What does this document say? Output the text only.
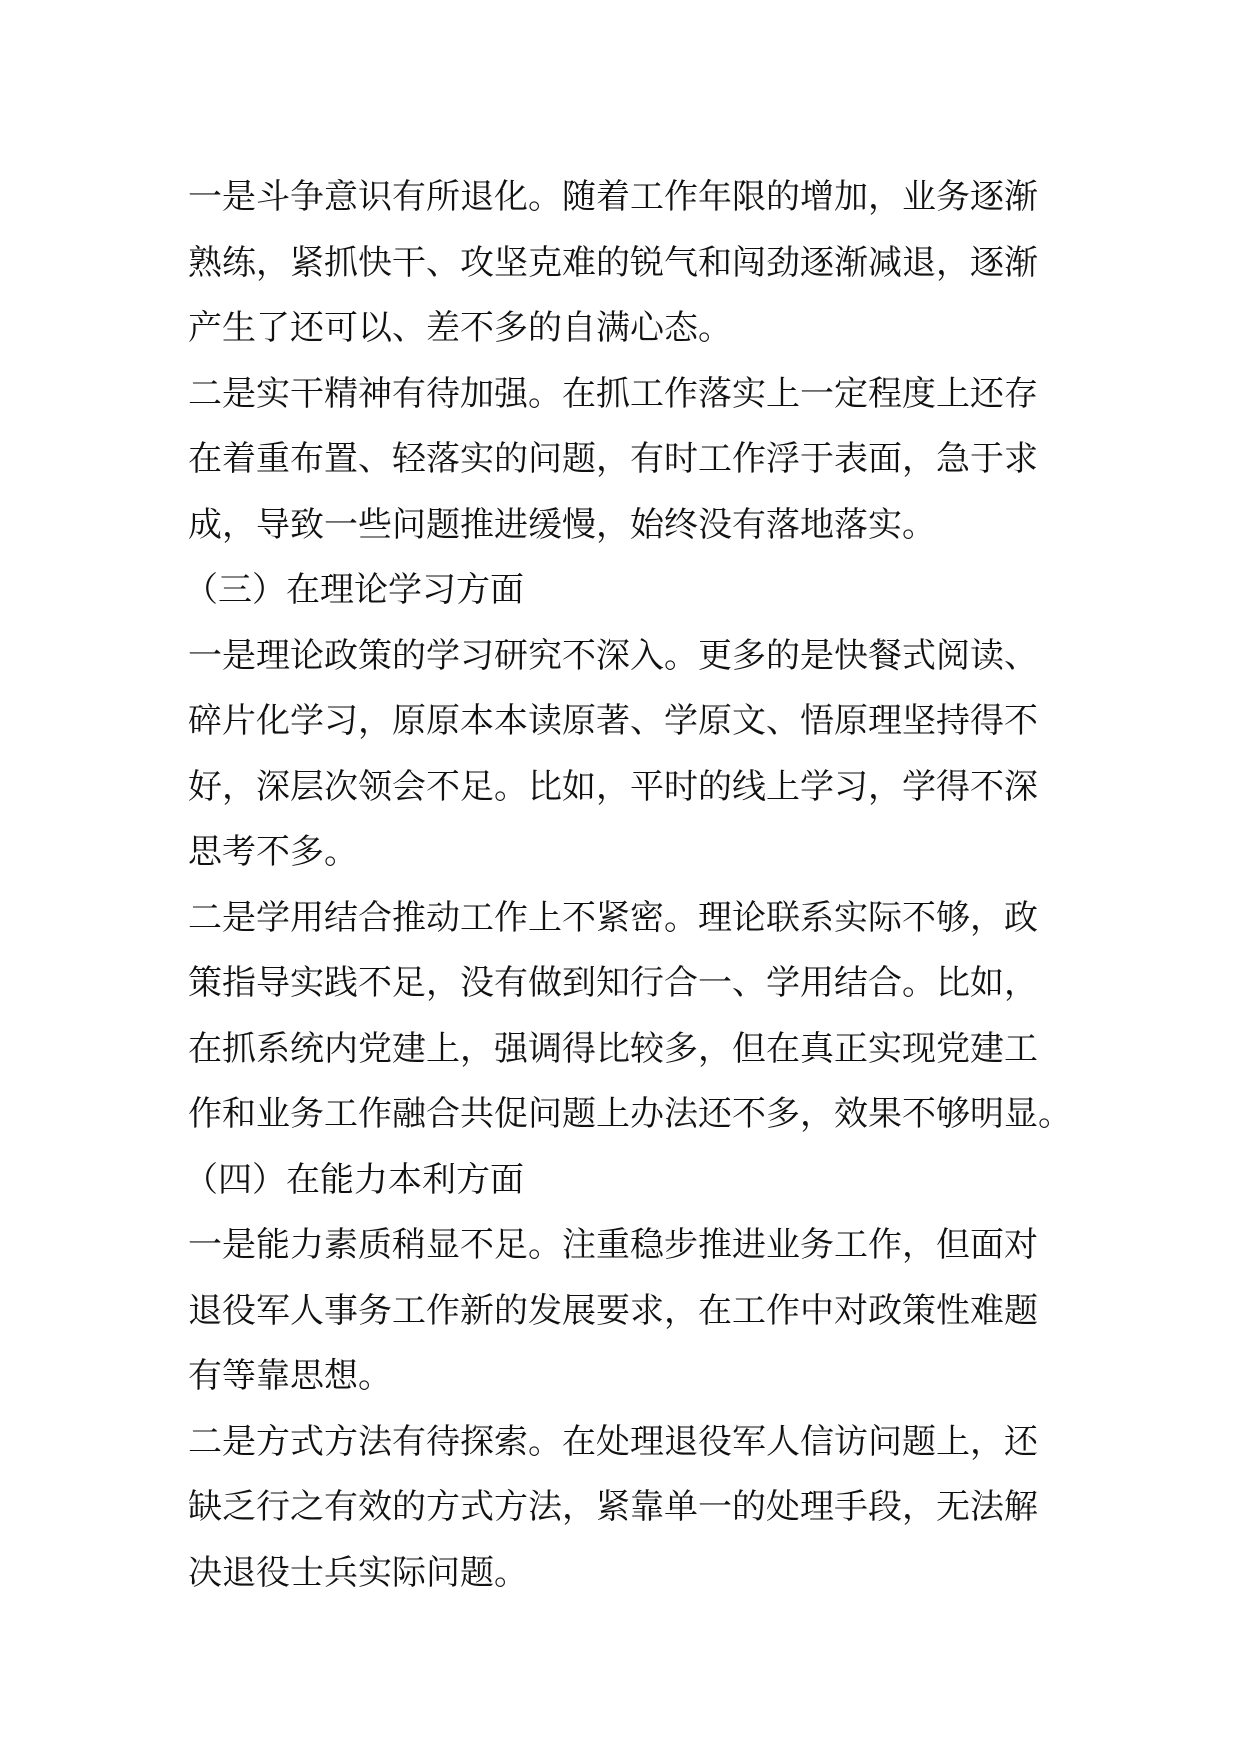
一是斗争意识有所退化。随着工作年限的增加，业务逐渐
熟练，紧抓快干、攻坚克难的锐气和闯劲逐渐减退，逐渐
产生了还可以、差不多的自满心态。
二是实干精神有待加强。在抓工作落实上一定程度上还存
在着重布置、轻落实的问题，有时工作浮于表面，急于求
成，导致一些问题推进缓慢，始终没有落地落实。
（三）在理论学习方面
一是理论政策的学习研究不深入。更多的是快餐式阅读、
碎片化学习，原原本本读原著、学原文、悟原理坚持得不
好，深层次领会不足。比如，平时的线上学习，学得不深
思考不多。
二是学用结合推动工作上不紧密。理论联系实际不够，政
策指导实践不足，没有做到知行合一、学用结合。比如，
在抓系统内党建上，强调得比较多，但在真正实现党建工
作和业务工作融合共促问题上办法还不多，效果不够明显。
（四）在能力本利方面
一是能力素质稍显不足。注重稳步推进业务工作，但面对
退役军人事务工作新的发展要求，在工作中对政策性难题
有等靠思想。
二是方式方法有待探索。在处理退役军人信访问题上，还
缺乏行之有效的方式方法，紧靠单一的处理手段，无法解
决退役士兵实际问题。
